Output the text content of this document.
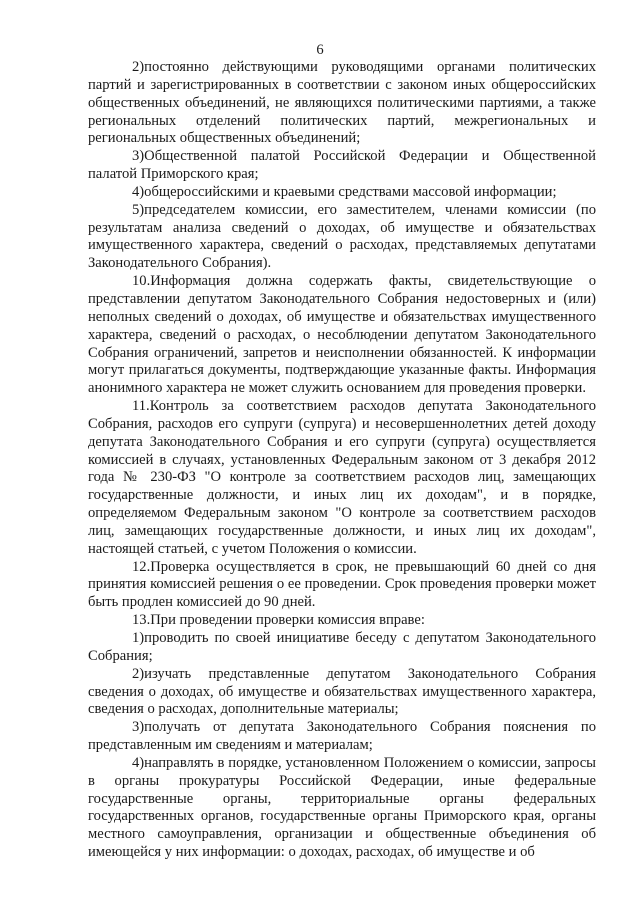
6

2)постоянно действующими руководящими органами политических партий и зарегистрированных в соответствии с законом иных общероссийских общественных объединений, не являющихся политическими партиями, а также региональных отделений политических партий, межрегиональных и региональных общественных объединений;

3)Общественной палатой Российской Федерации и Общественной палатой Приморского края;

4)общероссийскими и краевыми средствами массовой информации;

5)председателем комиссии, его заместителем, членами комиссии (по результатам анализа сведений о доходах, об имуществе и обязательствах имущественного характера, сведений о расходах, представляемых депутатами Законодательного Собрания).

10.Информация должна содержать факты, свидетельствующие о представлении депутатом Законодательного Собрания недостоверных и (или) неполных сведений о доходах, об имуществе и обязательствах имущественного характера, сведений о расходах, о несоблюдении депутатом Законодательного Собрания ограничений, запретов и неисполнении обязанностей. К информации могут прилагаться документы, подтверждающие указанные факты. Информация анонимного характера не может служить основанием для проведения проверки.

11.Контроль за соответствием расходов депутата Законодательного Собрания, расходов его супруги (супруга) и несовершеннолетних детей доходу депутата Законодательного Собрания и его супруги (супруга) осуществляется комиссией в случаях, установленных Федеральным законом от 3 декабря 2012 года № 230-ФЗ "О контроле за соответствием расходов лиц, замещающих государственные должности, и иных лиц их доходам", и в порядке, определяемом Федеральным законом "О контроле за соответствием расходов лиц, замещающих государственные должности, и иных лиц их доходам", настоящей статьей, с учетом Положения о комиссии.

12.Проверка осуществляется в срок, не превышающий 60 дней со дня принятия комиссией решения о ее проведении. Срок проведения проверки может быть продлен комиссией до 90 дней.

13.При проведении проверки комиссия вправе:

1)проводить по своей инициативе беседу с депутатом Законодательного Собрания;

2)изучать представленные депутатом Законодательного Собрания сведения о доходах, об имуществе и обязательствах имущественного характера, сведения о расходах, дополнительные материалы;

3)получать от депутата Законодательного Собрания пояснения по представленным им сведениям и материалам;

4)направлять в порядке, установленном Положением о комиссии, запросы в органы прокуратуры Российской Федерации, иные федеральные государственные органы, территориальные органы федеральных государственных органов, государственные органы Приморского края, органы местного самоуправления, организации и общественные объединения об имеющейся у них информации: о доходах, расходах, об имуществе и об
